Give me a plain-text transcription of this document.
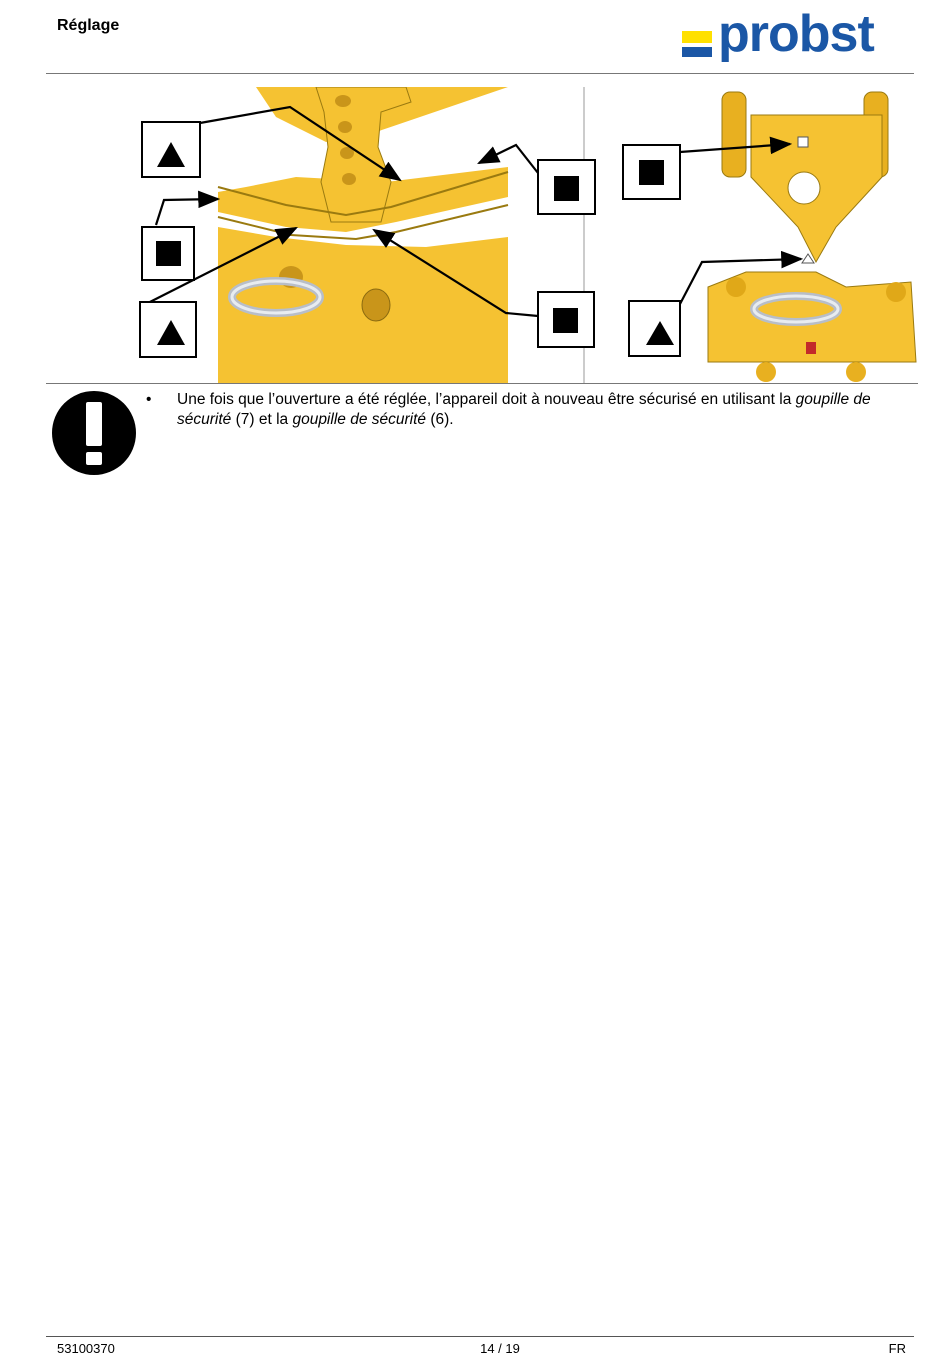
Réglage	probst
• Une fois que l’ouverture a été réglée, l’appareil doit à nouveau être sécurisé en utilisant la goupille de sécurité (7) et la goupille de sécurité (6).
53100370	14 / 19	FR
